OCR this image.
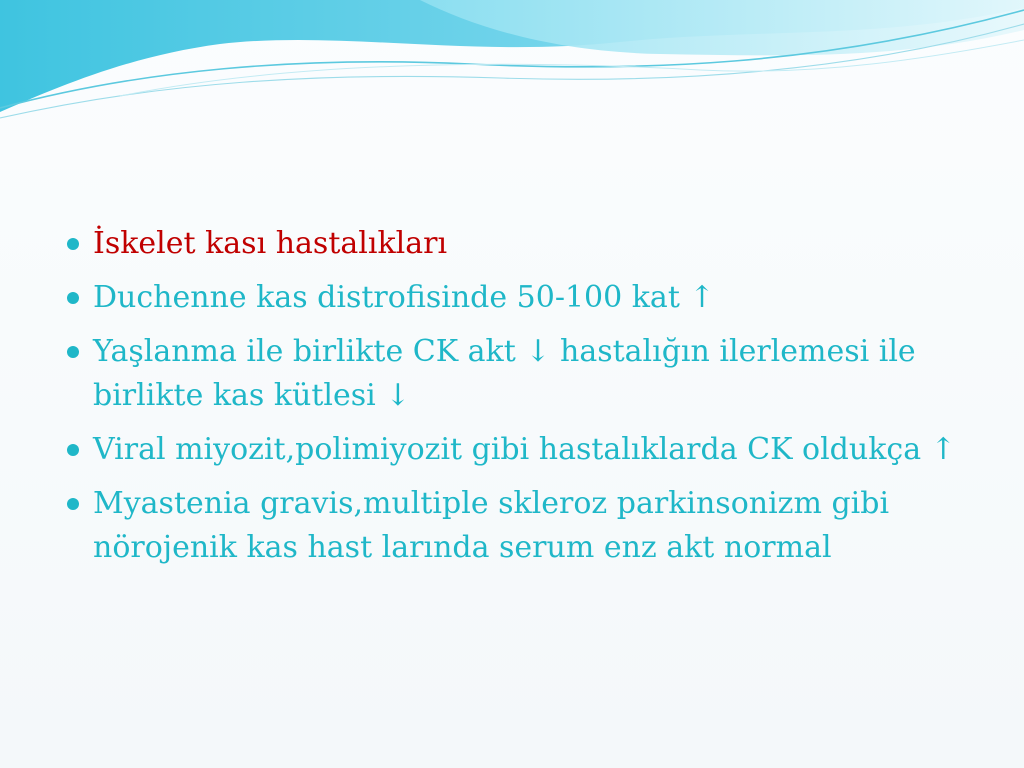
İskelet kası hastalıkları
Duchenne kas distrofisinde 50-100 kat ↑
Yaşlanma ile birlikte CK akt ↓ hastalığın ilerlemesi ile birlikte kas kütlesi ↓
Viral miyozit,polimiyozit gibi hastalıklarda CK oldukça ↑
Myastenia gravis,multiple skleroz parkinsonizm gibi nörojenik kas hast larında serum enz akt normal
